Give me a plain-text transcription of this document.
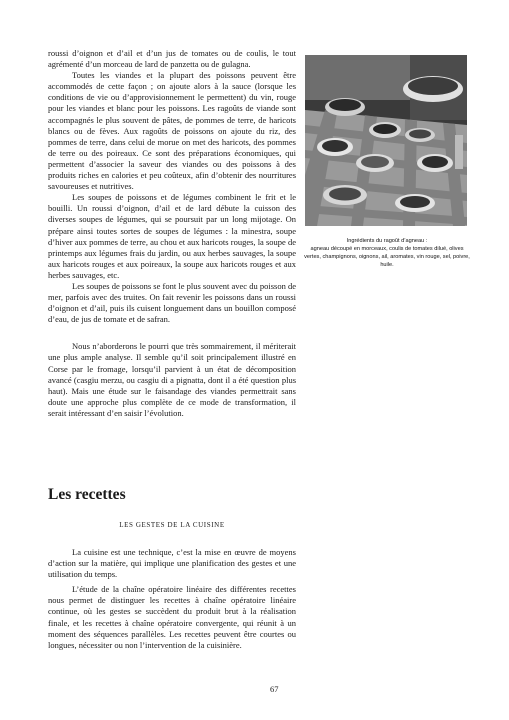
roussi d’oignon et d’ail et d’un jus de tomates ou de coulis, le tout agrémenté d’un morceau de lard de panzetta ou de gulagna.

Toutes les viandes et la plupart des poissons peuvent être accommodés de cette façon ; on ajoute alors à la sauce (lorsque les conditions de vie ou d’approvisionnement le permettent) du vin, rouge pour les viandes et blanc pour les poissons. Les ragoûts de viande sont accompagnés le plus souvent de pâtes, de pommes de terre, de haricots blancs ou de fèves. Aux ragoûts de poissons on ajoute du riz, des pommes de terre, dans celui de morue on met des haricots, des pommes de terre ou des poireaux. Ce sont des préparations économiques, qui permettent d’associer la saveur des viandes ou des poissons à des produits riches en calories et peu coûteux, afin d’obtenir des nourritures savoureuses et nutritives.

Les soupes de poissons et de légumes combinent le frit et le bouilli. Un roussi d’oignon, d’ail et de lard débute la cuisson des diverses soupes de légumes, qui se poursuit par un long mijotage. On prépare ainsi toutes sortes de soupes de légumes : la minestra, soupe d’hiver aux pommes de terre, au chou et aux haricots rouges, la soupe de printemps aux légumes frais du jardin, ou aux herbes sauvages, la soupe aux haricots rouges et aux poireaux, la soupe aux haricots rouges et aux herbes sauvages, etc.

Les soupes de poissons se font le plus souvent avec du poisson de mer, parfois avec des truites. On fait revenir les poissons dans un roussi d’oignon et d’ail, puis ils cuisent longuement dans un bouillon composé d’eau, de jus de tomate et de safran.

Nous n’aborderons le pourri que très sommairement, il mériterait une plus ample analyse. Il semble qu’il soit principalement illustré en Corse par le fromage, lorsqu’il parvient à un état de décomposition avancé (casgiu merzu, ou casgiu di a pignatta, dont il a été question plus haut). Mais une étude sur le faisandage des viandes permettrait sans doute une approche plus complète de ce mode de transformation, il serait intéressant d’en saisir l’évolution.

Ingrédients du ragoût d’agneau :
agneau découpé en morceaux, coulis de tomates dilué, olives vertes, champignons, oignons, ail, aromates, vin rouge, sel, poivre, huile.
Les recettes
LES GESTES DE LA CUISINE

La cuisine est une technique, c’est la mise en œuvre de moyens d’action sur la matière, qui implique une planification des gestes et une utilisation du temps.

L’étude de la chaîne opératoire linéaire des différentes recettes nous permet de distinguer les recettes à chaîne opératoire linéaire continue, où les gestes se succèdent du produit brut à la réalisation finale, et les recettes à chaîne opératoire convergente, qui réunit à un moment des séquences parallèles. Les recettes peuvent être courtes ou longues, nécessiter ou non l’intervention de la cuisinière.

67
